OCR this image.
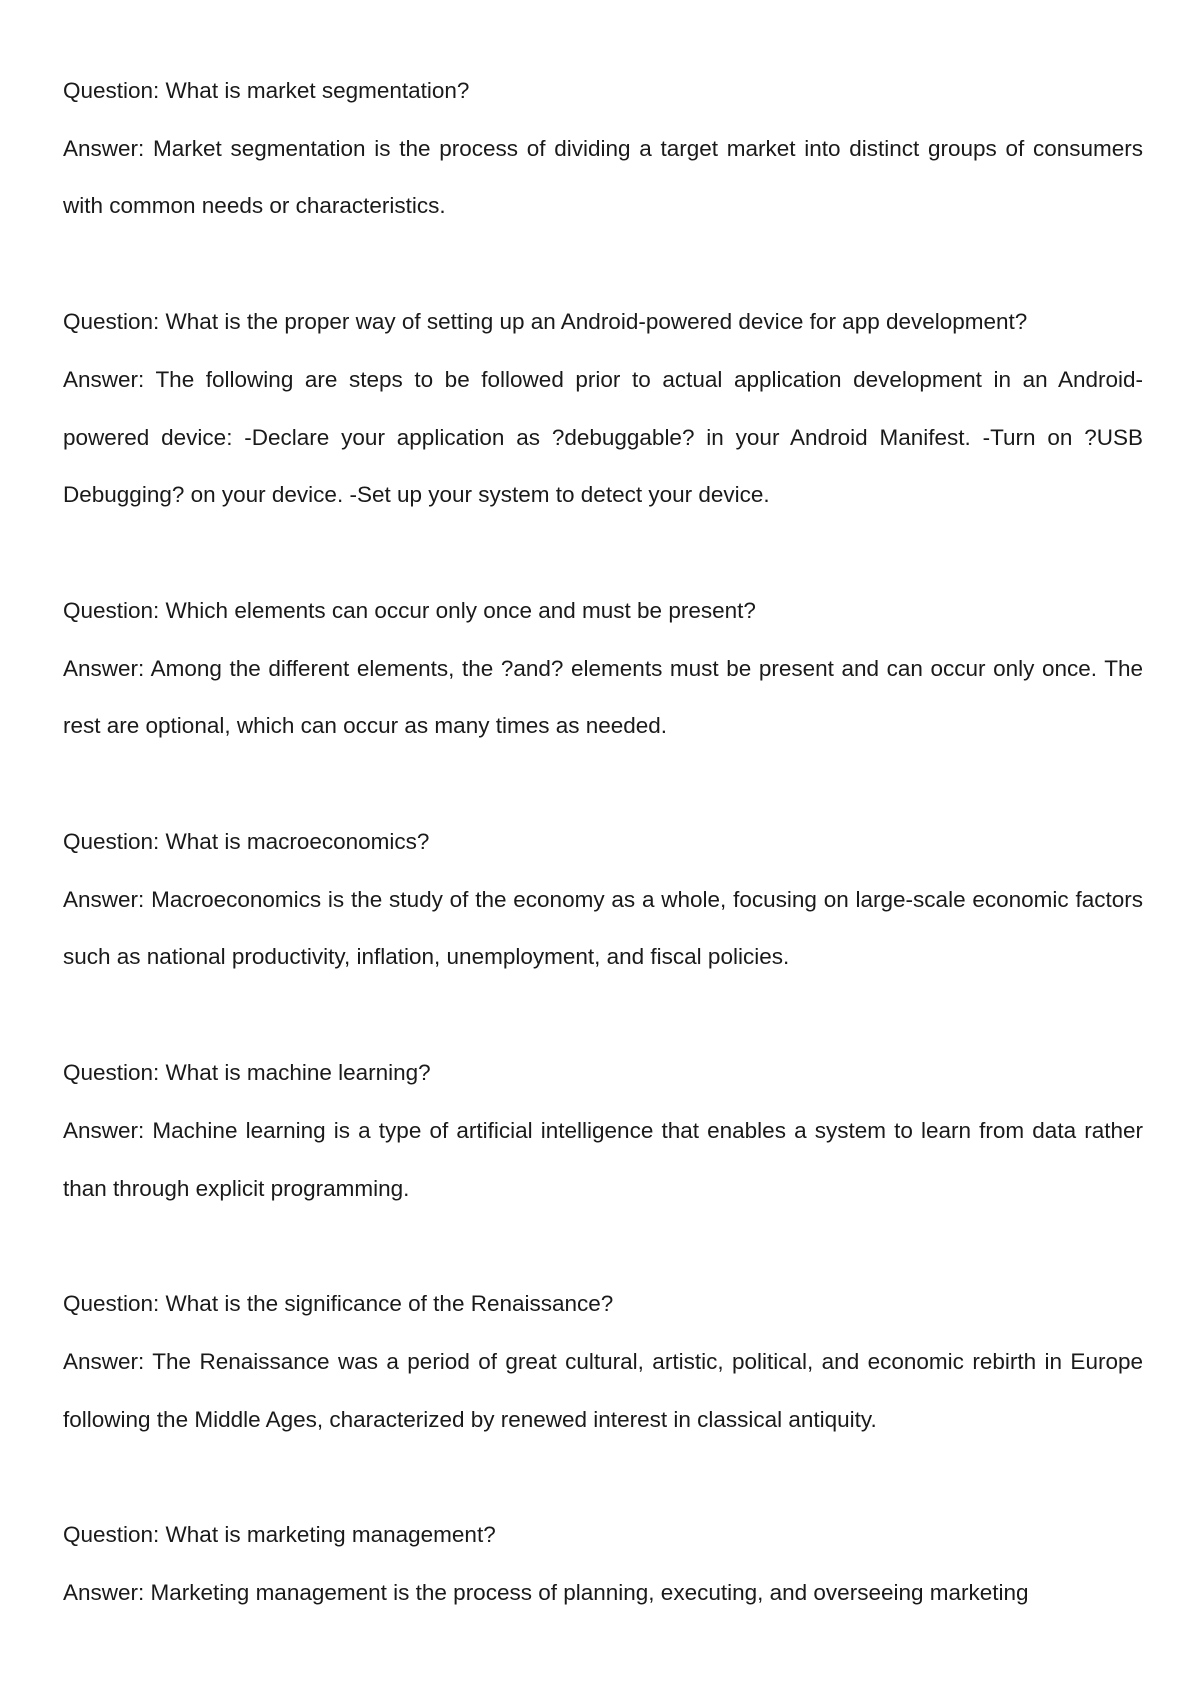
Question: What is market segmentation?

Answer: Market segmentation is the process of dividing a target market into distinct groups of consumers with common needs or characteristics.

Question: What is the proper way of setting up an Android-powered device for app development?

Answer: The following are steps to be followed prior to actual application development in an Android-powered device: -Declare your application as ?debuggable? in your Android Manifest. -Turn on ?USB Debugging? on your device. -Set up your system to detect your device.

Question: Which elements can occur only once and must be present?

Answer: Among the different elements, the ?and? elements must be present and can occur only once. The rest are optional, which can occur as many times as needed.

Question: What is macroeconomics?

Answer: Macroeconomics is the study of the economy as a whole, focusing on large-scale economic factors such as national productivity, inflation, unemployment, and fiscal policies.

Question: What is machine learning?

Answer: Machine learning is a type of artificial intelligence that enables a system to learn from data rather than through explicit programming.

Question: What is the significance of the Renaissance?

Answer: The Renaissance was a period of great cultural, artistic, political, and economic rebirth in Europe following the Middle Ages, characterized by renewed interest in classical antiquity.

Question: What is marketing management?

Answer: Marketing management is the process of planning, executing, and overseeing marketing
